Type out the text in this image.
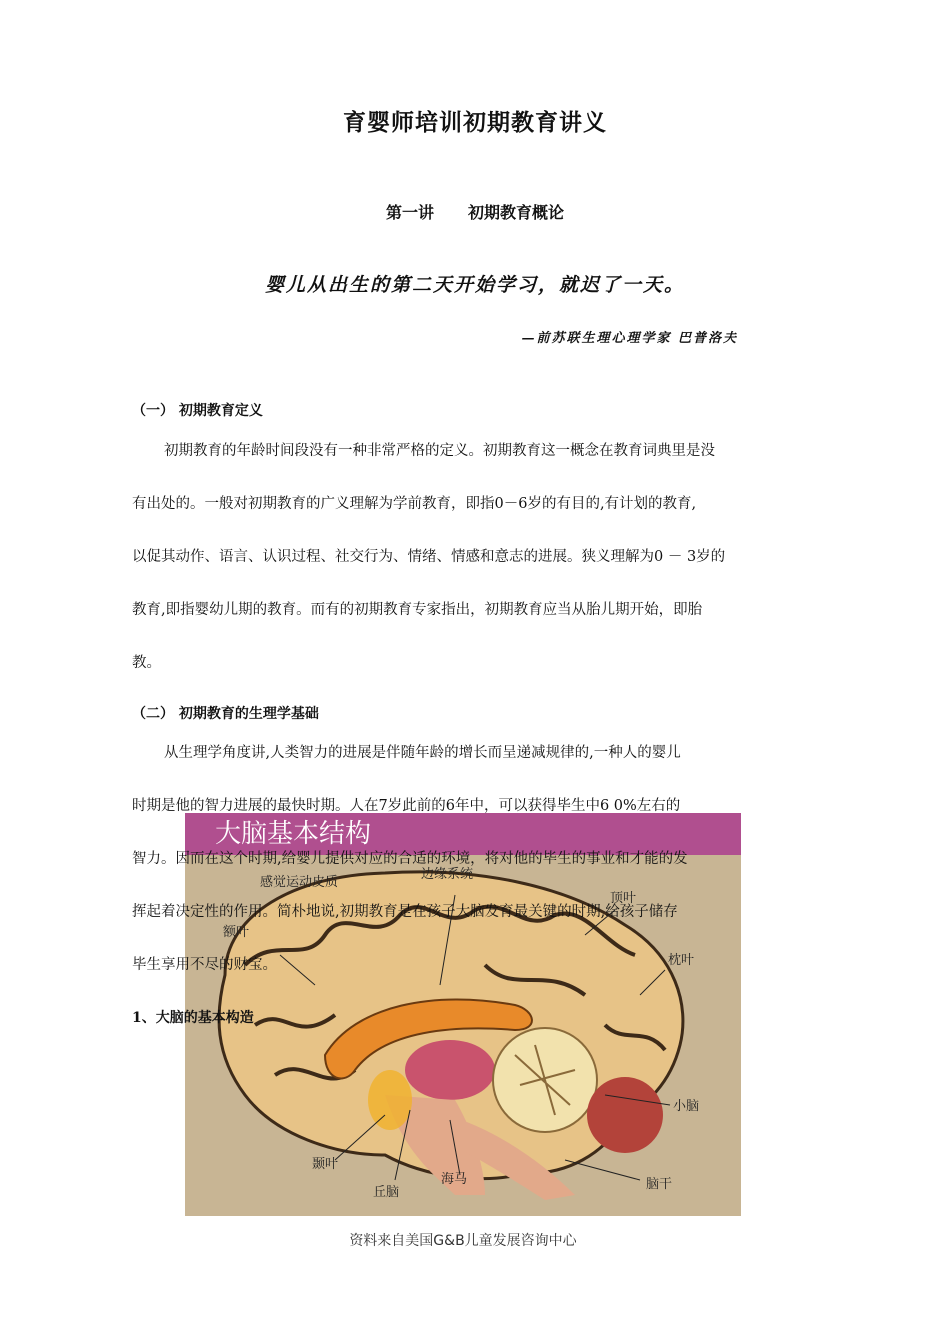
育婴师培训初期教育讲义
第一讲 初期教育概论
婴儿从出生的第二天开始学习，就迟了一天。
—前苏联生理心理学家 巴普洛夫
（一） 初期教育定义
初期教育的年龄时间段没有一种非常严格的定义。初期教育这一概念在教育词典里是没
有出处的。一般对初期教育的广义理解为学前教育，即指0－6岁的有目的,有计划的教育,
以促其动作、语言、认识过程、社交行为、情绪、情感和意志的进展。狭义理解为0 － 3岁的
教育,即指婴幼儿期的教育。而有的初期教育专家指出，初期教育应当从胎儿期开始，即胎
教。
（二） 初期教育的生理学基础
大脑基本结构
感觉运动皮质
边缘系统
额叶
顶叶
枕叶
小脑
颞叶
丘脑
海马	脑干
资料来自美国G&B儿童发展咨询中心
从生理学角度讲,人类智力的进展是伴随年龄的增长而呈递减规律的,一种人的婴儿
时期是他的智力进展的最快时期。人在7岁此前的6年中，可以获得毕生中6 0%左右的
智力。因而在这个时期,给婴儿提供对应的合适的环境，将对他的毕生的事业和才能的发
挥起着决定性的作用。简朴地说,初期教育是在孩子大脑发育最关键的时期,给孩子储存
毕生享用不尽的财宝。
1、大脑的基本构造
